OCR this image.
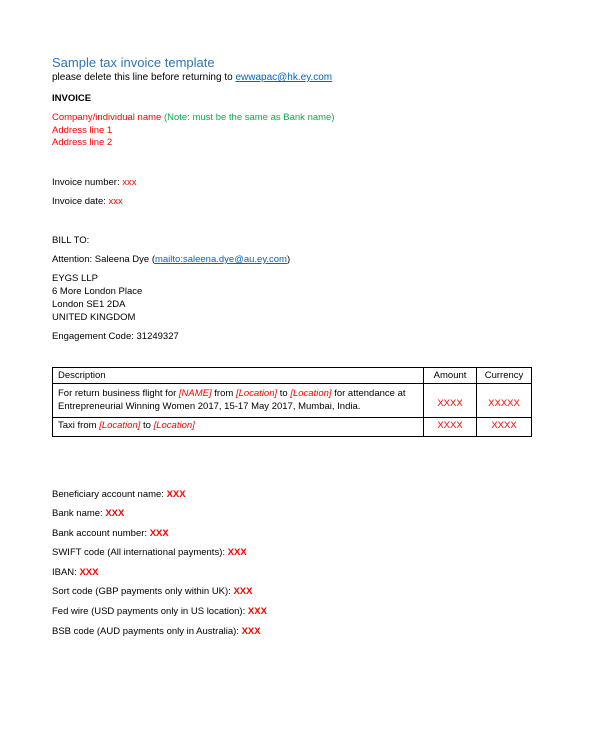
Sample tax invoice template
please delete this line before returning to ewwapac@hk.ey.com
INVOICE
Company/individual name (Note: must be the same as Bank name)
Address line 1
Address line 2
Invoice number: xxx
Invoice date: xxx
BILL TO:
Attention: Saleena Dye (mailto:saleena.dye@au.ey.com)
EYGS LLP
6 More London Place
London SE1 2DA
UNITED KINGDOM
Engagement Code: 31249327
Description	Amount	Currency
For return business flight for [NAME] from [Location] to [Location] for attendance at Entrepreneurial Winning Women 2017, 15-17 May 2017, Mumbai, India.	XXXX	XXXXX
Taxi from [Location] to [Location]	XXXX	XXXX
Beneficiary account name: XXX
Bank name: XXX
Bank account number: XXX
SWIFT code (All international payments): XXX
IBAN: XXX
Sort code (GBP payments only within UK): XXX
Fed wire (USD payments only in US location): XXX
BSB code (AUD payments only in Australia): XXX
